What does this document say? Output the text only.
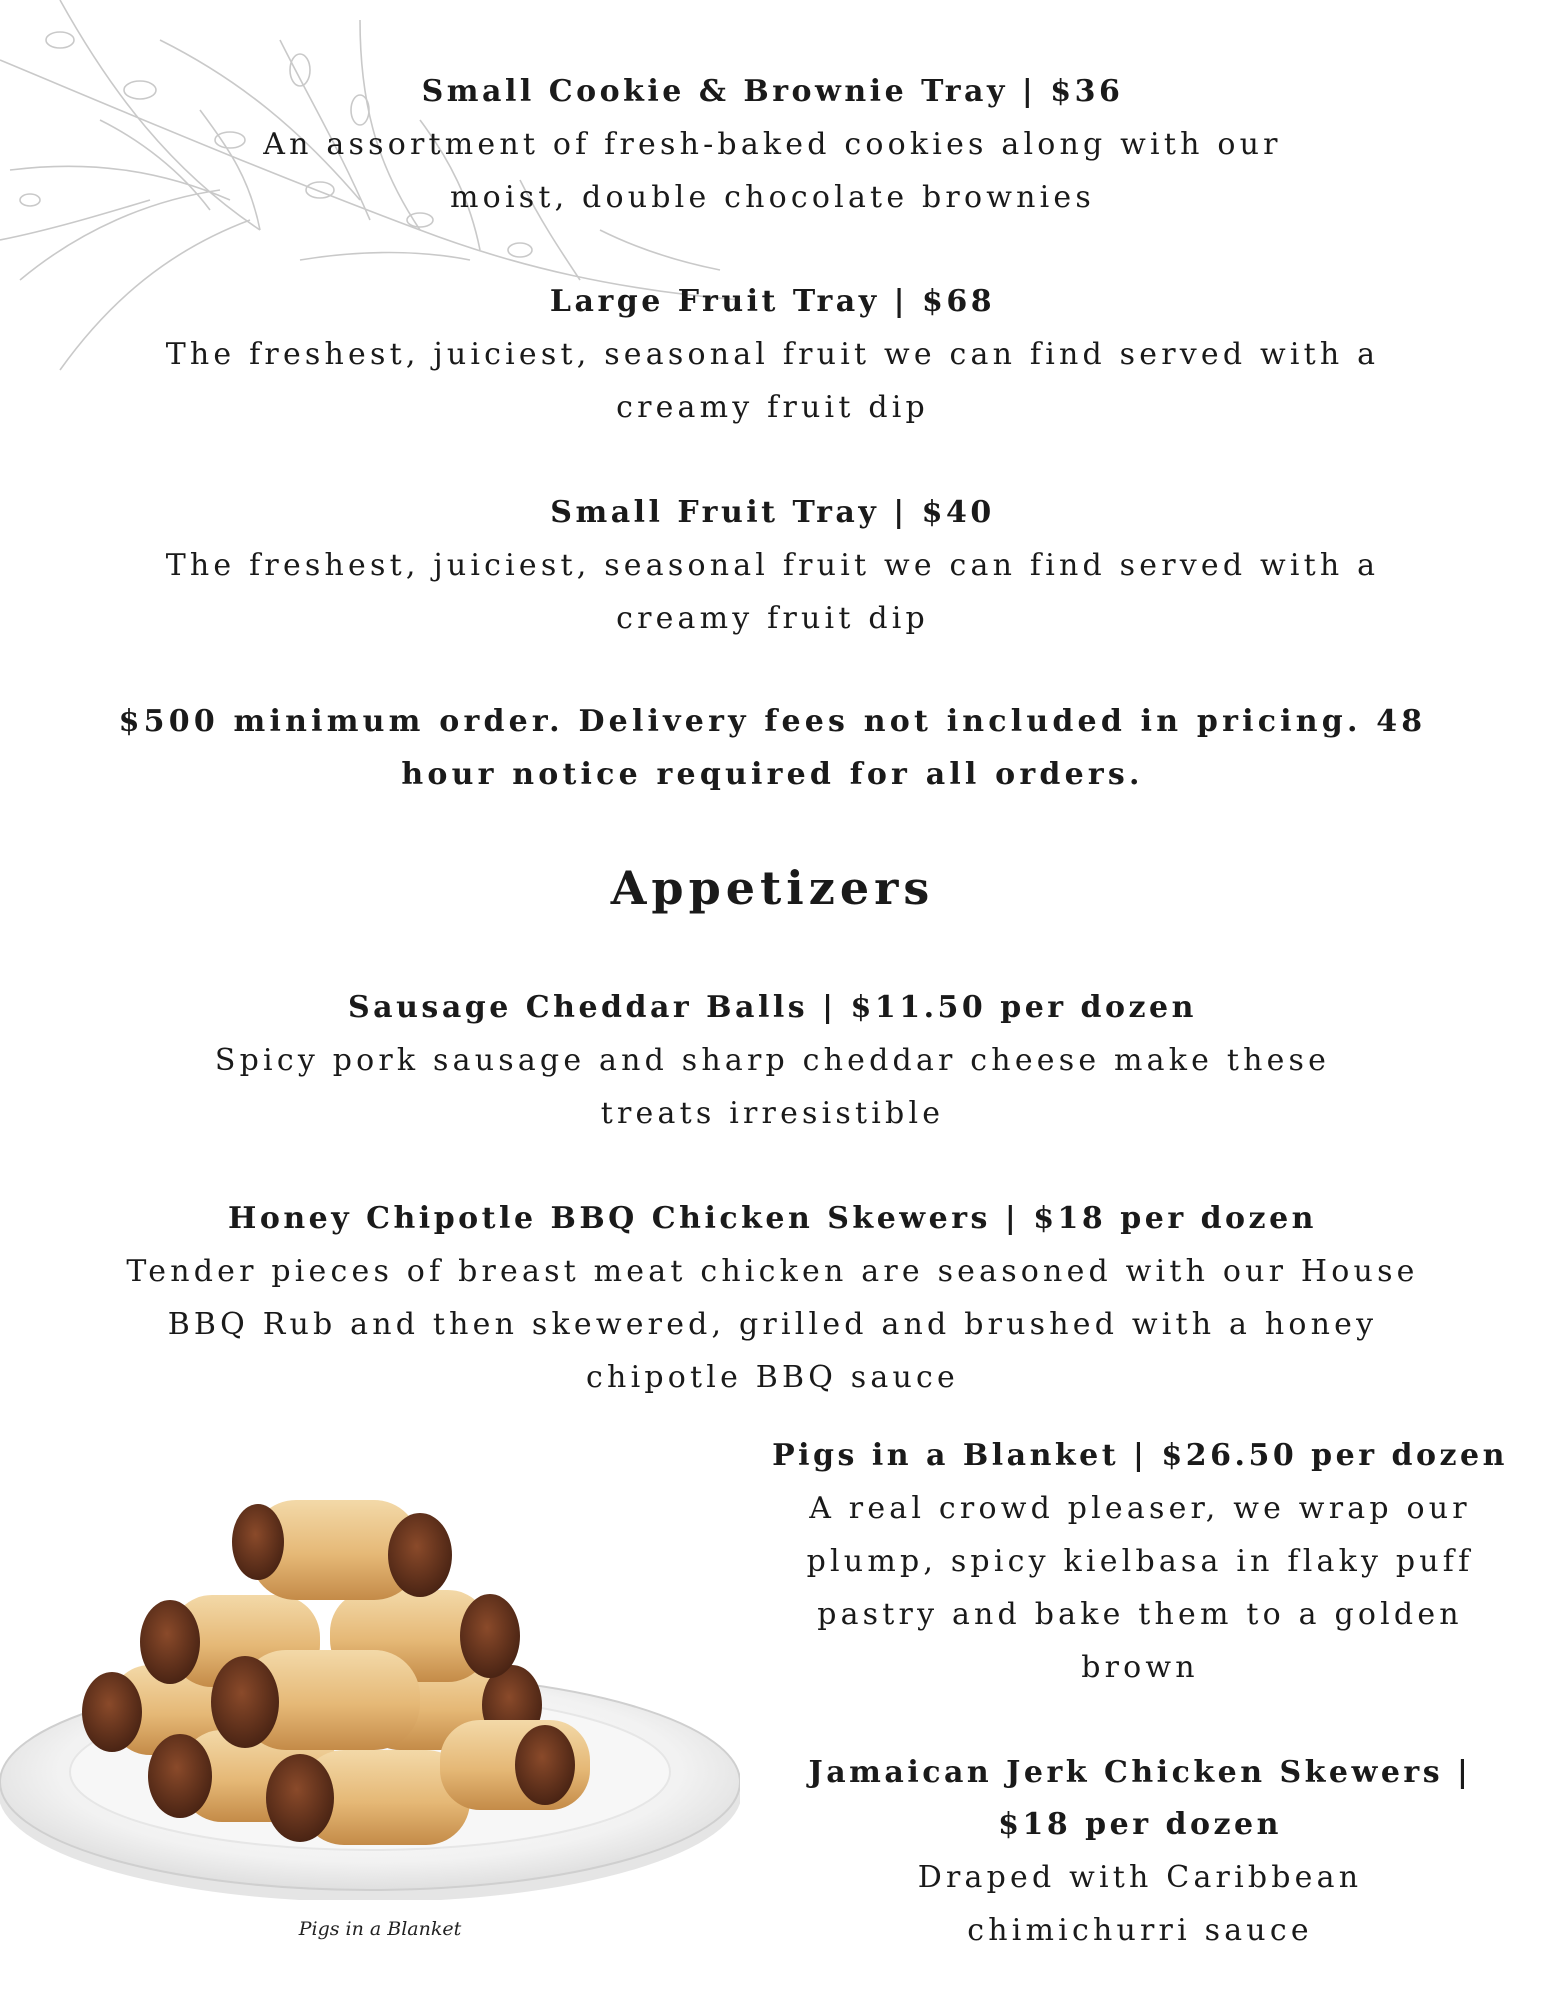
Small Cookie & Brownie Tray | $36

An assortment of fresh-baked cookies along with our moist, double chocolate brownies

Large Fruit Tray | $68

The freshest, juiciest, seasonal fruit we can find served with a creamy fruit dip

Small Fruit Tray | $40

The freshest, juiciest, seasonal fruit we can find served with a creamy fruit dip

$500 minimum order. Delivery fees not included in pricing. 48 hour notice required for all orders.

Appetizers

Sausage Cheddar Balls | $11.50 per dozen

Spicy pork sausage and sharp cheddar cheese make these treats irresistible

Honey Chipotle BBQ Chicken Skewers | $18 per dozen

Tender pieces of breast meat chicken are seasoned with our House BBQ Rub and then skewered, grilled and brushed with a honey chipotle BBQ sauce

Pigs in a Blanket

Pigs in a Blanket | $26.50 per dozen

A real crowd pleaser, we wrap our plump, spicy kielbasa in flaky puff pastry and bake them to a golden brown

Jamaican Jerk Chicken Skewers | $18 per dozen

Draped with Caribbean chimichurri sauce
